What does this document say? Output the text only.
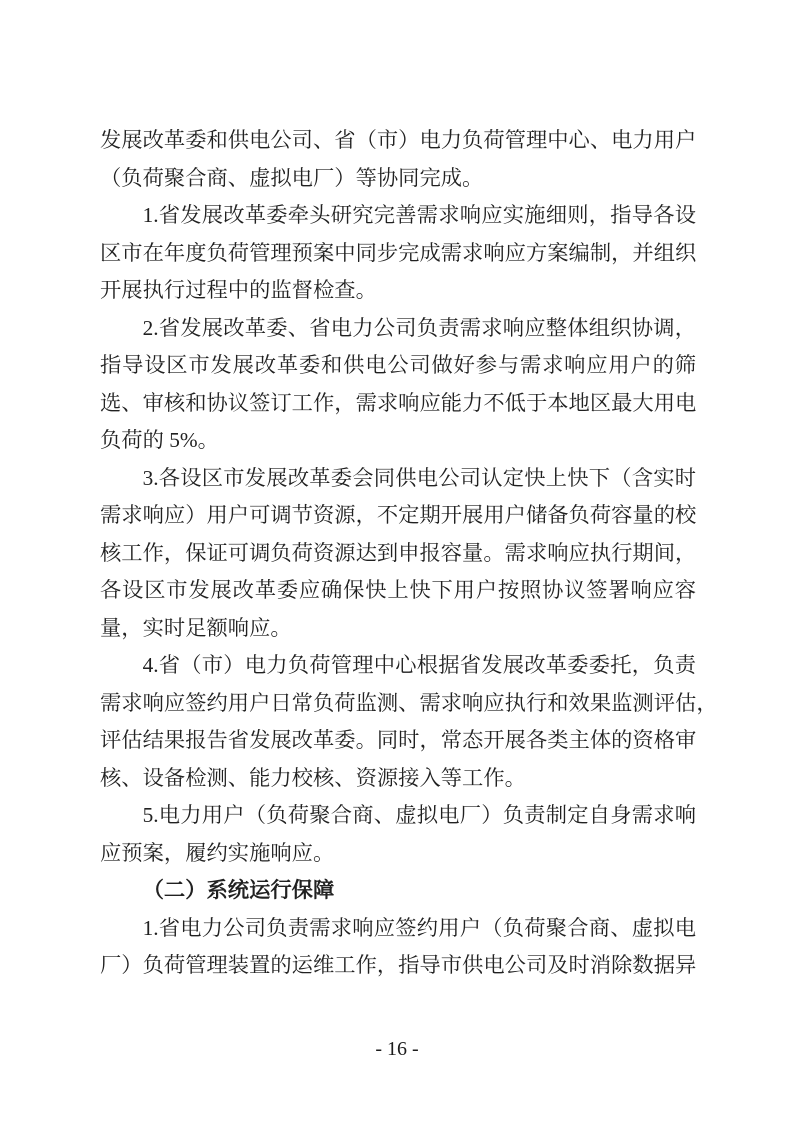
发展改革委和供电公司、省（市）电力负荷管理中心、电力用户
（负荷聚合商、虚拟电厂）等协同完成。
1.省发展改革委牵头研究完善需求响应实施细则，指导各设
区市在年度负荷管理预案中同步完成需求响应方案编制，并组织
开展执行过程中的监督检查。
2.省发展改革委、省电力公司负责需求响应整体组织协调，
指导设区市发展改革委和供电公司做好参与需求响应用户的筛
选、审核和协议签订工作，需求响应能力不低于本地区最大用电
负荷的 5%。
3.各设区市发展改革委会同供电公司认定快上快下（含实时
需求响应）用户可调节资源，不定期开展用户储备负荷容量的校
核工作，保证可调负荷资源达到申报容量。需求响应执行期间，
各设区市发展改革委应确保快上快下用户按照协议签署响应容
量，实时足额响应。
4.省（市）电力负荷管理中心根据省发展改革委委托，负责
需求响应签约用户日常负荷监测、需求响应执行和效果监测评估，
评估结果报告省发展改革委。同时，常态开展各类主体的资格审
核、设备检测、能力校核、资源接入等工作。
5.电力用户（负荷聚合商、虚拟电厂）负责制定自身需求响
应预案，履约实施响应。
（二）系统运行保障
1.省电力公司负责需求响应签约用户（负荷聚合商、虚拟电
厂）负荷管理装置的运维工作，指导市供电公司及时消除数据异
- 16 -
